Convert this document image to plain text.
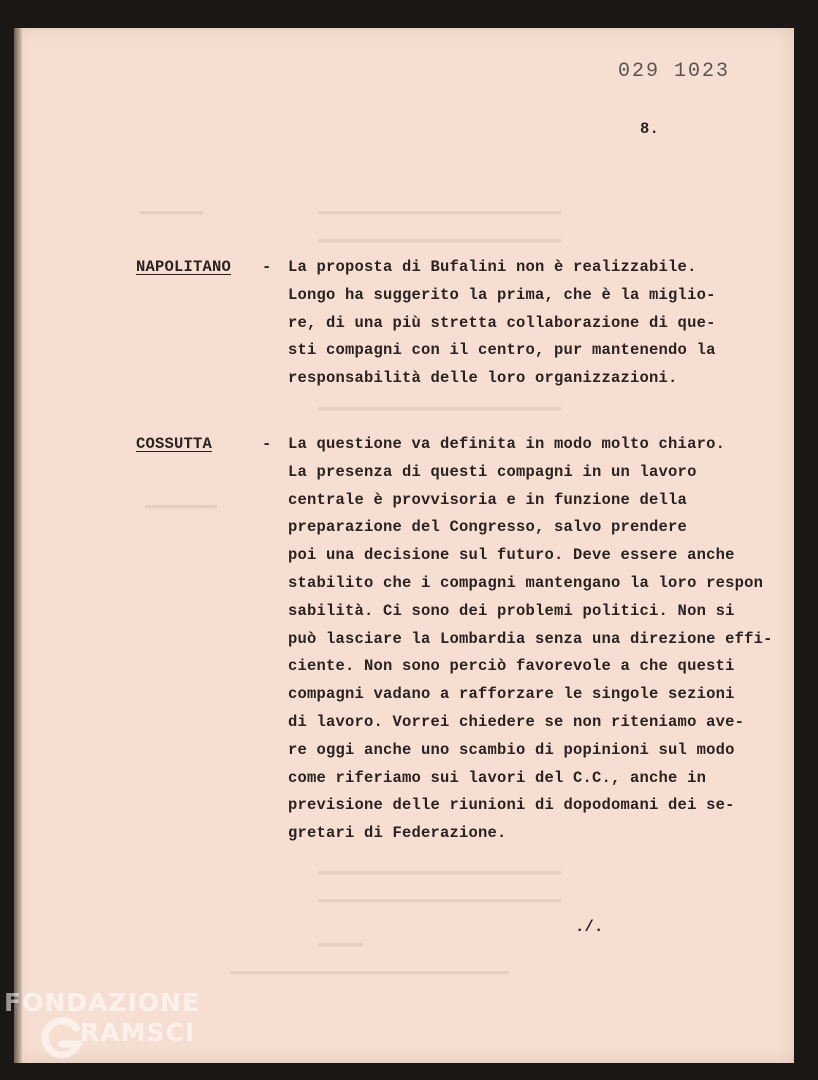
029 1023
8.
NAPOLITANO - La proposta di Bufalini non è realizzabile.
Longo ha suggerito la prima, che è la miglio-
re, di una più stretta collaborazione di que-
sti compagni con il centro, pur mantenendo la
responsabilità delle loro organizzazioni.
COSSUTTA	- La questione va definita in modo molto chiaro.
La presenza di questi compagni in un lavoro
centrale è provvisoria e in funzione della
preparazione del Congresso, salvo prendere
poi una decisione sul futuro. Deve essere anche
stabilito che i compagni mantengano la loro respon
sabilità. Ci sono dei problemi politici. Non si
può lasciare la Lombardia senza una direzione effi-
ciente. Non sono perciò favorevole a che questi
compagni vadano a rafforzare le singole sezioni
di lavoro. Vorrei chiedere se non riteniamo ave-
re oggi anche uno scambio di popinioni sul modo
come riferiamo sui lavori del C.C., anche in
previsione delle riunioni di dopodomani dei se-
gretari di Federazione.
./.
FONDAZIONE
RAMSCI
